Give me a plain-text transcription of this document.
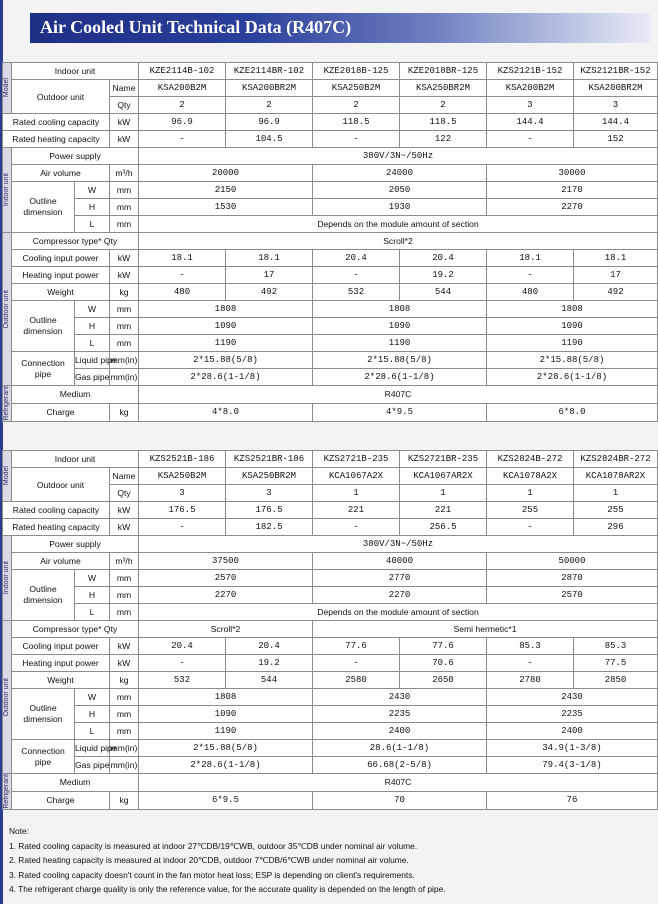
Air Cooled Unit Technical Data (R407C)
Model	Indoor unit			KZE2114B-102	KZE2114BR-102	KZE2018B-125	KZE2018BR-125	KZS2121B-152	KZS2121BR-152
	Outdoor unit		Name	KSA200B2M	KSA200BR2M	KSA250B2M	KSA250BR2M	KSA200B2M	KSA200BR2M
			Qty	2	2	2	2	3	3
Rated cooling capacity			kW	96.9	96.9	118.5	118.5	144.4	144.4
Rated heating capacity			kW	-	104.5	-	122	-	152

Indoor unit	Power supply			380V/3N~/50Hz					
	Air volume		m³/h	20000		24000		30000	
	Outline dimension	W	mm	2150		2050		2170	
		H	mm	1530		1930		2270	
		L	mm	Depends on the module amount of section					

Outdoor unit	Compressor type* Qty			Scroll*2					
	Cooling input power		kW	18.1	18.1	20.4	20.4	18.1	18.1
	Heating input power		kW	-	17	-	19.2	-	17
	Weight		kg	480	492	532	544	480	492
	Outline dimension	W	mm	1808		1808		1808	
		H	mm	1090		1090		1090	
		L	mm	1190		1190		1190	
	Connection pipe	Liquid pipe	mm(in)	2*15.88(5/8)		2*15.88(5/8)		2*15.88(5/8)	
		Gas pipe	mm(in)	2*28.6(1-1/8)		2*28.6(1-1/8)		2*28.6(1-1/8)	

Refrigerant	Medium			R407C					
	Charge		kg	4*8.0		4*9.5		6*8.0	
Model	Indoor unit			KZS2521B-186	KZS2521BR-186	KZS2721B-235	KZS2721BR-235	KZS2824B-272	KZS2824BR-272
	Outdoor unit		Name	KSA250B2M	KSA250BR2M	KCA1067A2X	KCA1067AR2X	KCA1078A2X	KCA1078AR2X
			Qty	3	3	1	1	1	1
Rated cooling capacity			kW	176.5	176.5	221	221	255	255
Rated heating capacity			kW	-	182.5	-	256.5	-	296

Indoor unit	Power supply			380V/3N~/50Hz					
	Air volume		m³/h	37500		40000		50000	
	Outline dimension	W	mm	2570		2770		2870	
		H	mm	2270		2270		2570	
		L	mm	Depends on the module amount of section					

Outdoor unit	Compressor type* Qty			Scroll*2		Semi hermetic*1			
	Cooling input power		kW	20.4	20.4	77.6	77.6	85.3	85.3
	Heating input power		kW	-	19.2	-	70.6	-	77.5
	Weight		kg	532	544	2580	2650	2780	2850
	Outline dimension	W	mm	1808		2430		2430	
		H	mm	1090		2235		2235	
		L	mm	1190		2400		2400	
	Connection pipe	Liquid pipe	mm(in)	2*15.88(5/8)		28.6(1-1/8)		34.9(1-3/8)	
		Gas pipe	mm(in)	2*28.6(1-1/8)		66.68(2-5/8)		79.4(3-1/8)	

Refrigerant	Medium			R407C					
	Charge		kg	6*9.5		70		76	
Note:
1. Rated cooling capacity is measured at indoor 27℃DB/19℃WB, outdoor 35℃DB under nominal air volume.
2. Rated heating capacity is measured at indoor 20℃DB, outdoor 7℃DB/6℃WB under nominal air volume.
3. Rated cooling capacity doesn't count in the fan motor heat loss; ESP is depending on client's requirements.
4. The refrigerant charge quality is only the reference value, for the accurate quality is depended on the length of pipe.
